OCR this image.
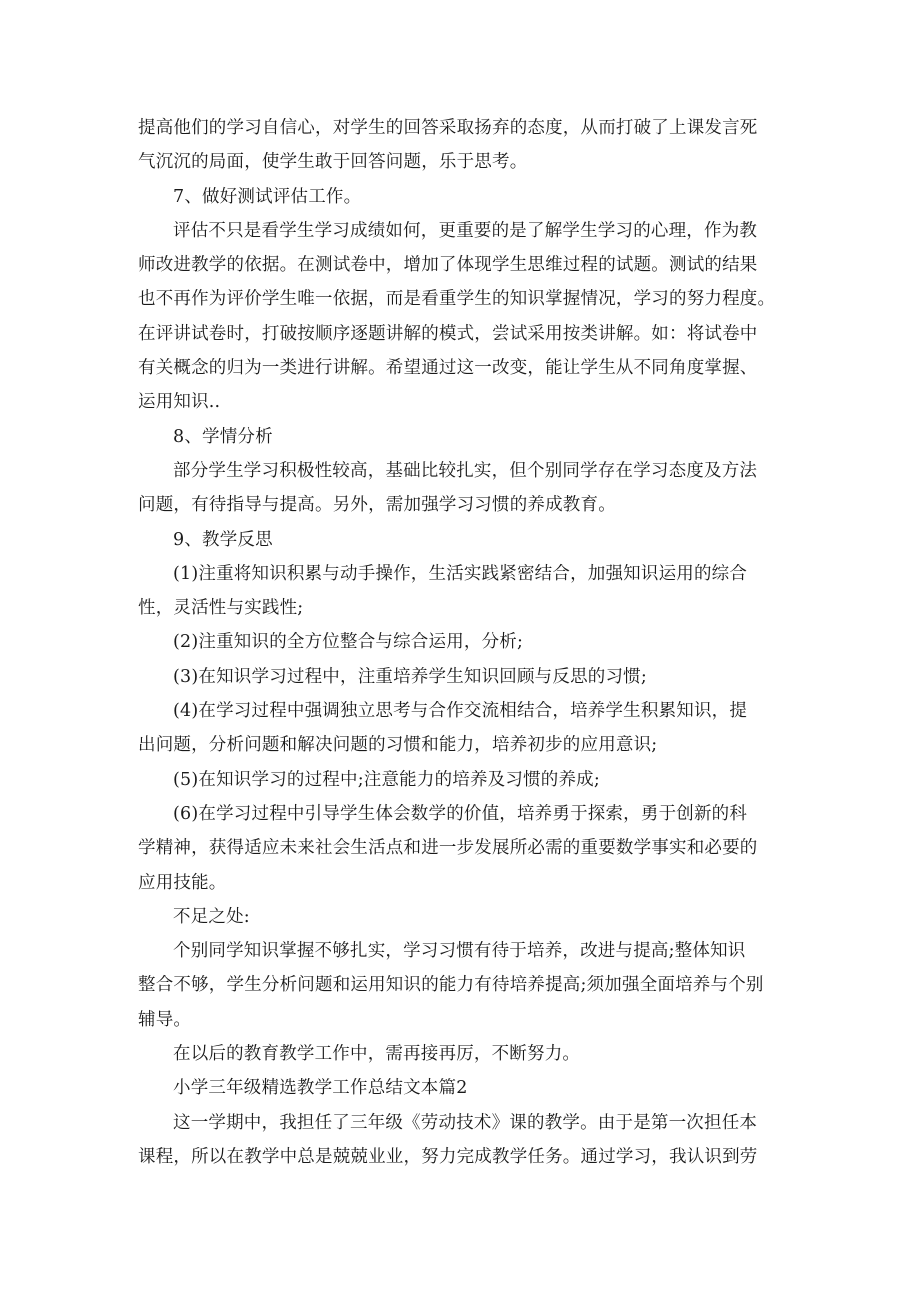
提高他们的学习自信心，对学生的回答采取扬弃的态度，从而打破了上课发言死
气沉沉的局面，使学生敢于回答问题，乐于思考。
7、做好测试评估工作。
评估不只是看学生学习成绩如何，更重要的是了解学生学习的心理，作为教
师改进教学的依据。在测试卷中，增加了体现学生思维过程的试题。测试的结果
也不再作为评价学生唯一依据，而是看重学生的知识掌握情况，学习的努力程度。
在评讲试卷时，打破按顺序逐题讲解的模式，尝试采用按类讲解。如：将试卷中
有关概念的归为一类进行讲解。希望通过这一改变，能让学生从不同角度掌握、
运用知识..
8、学情分析
部分学生学习积极性较高，基础比较扎实，但个别同学存在学习态度及方法
问题，有待指导与提高。另外，需加强学习习惯的养成教育。
9、教学反思
(1)注重将知识积累与动手操作，生活实践紧密结合，加强知识运用的综合
性，灵活性与实践性;
(2)注重知识的全方位整合与综合运用，分析;
(3)在知识学习过程中，注重培养学生知识回顾与反思的习惯;
(4)在学习过程中强调独立思考与合作交流相结合，培养学生积累知识，提
出问题，分析问题和解决问题的习惯和能力，培养初步的应用意识;
(5)在知识学习的过程中;注意能力的培养及习惯的养成;
(6)在学习过程中引导学生体会数学的价值，培养勇于探索，勇于创新的科
学精神，获得适应未来社会生活点和进一步发展所必需的重要数学事实和必要的
应用技能。
不足之处:
个别同学知识掌握不够扎实，学习习惯有待于培养，改进与提高;整体知识
整合不够，学生分析问题和运用知识的能力有待培养提高;须加强全面培养与个别
辅导。
在以后的教育教学工作中，需再接再厉，不断努力。
小学三年级精选教学工作总结文本篇2
这一学期中，我担任了三年级《劳动技术》课的教学。由于是第一次担任本
课程，所以在教学中总是兢兢业业，努力完成教学任务。通过学习，我认识到劳
